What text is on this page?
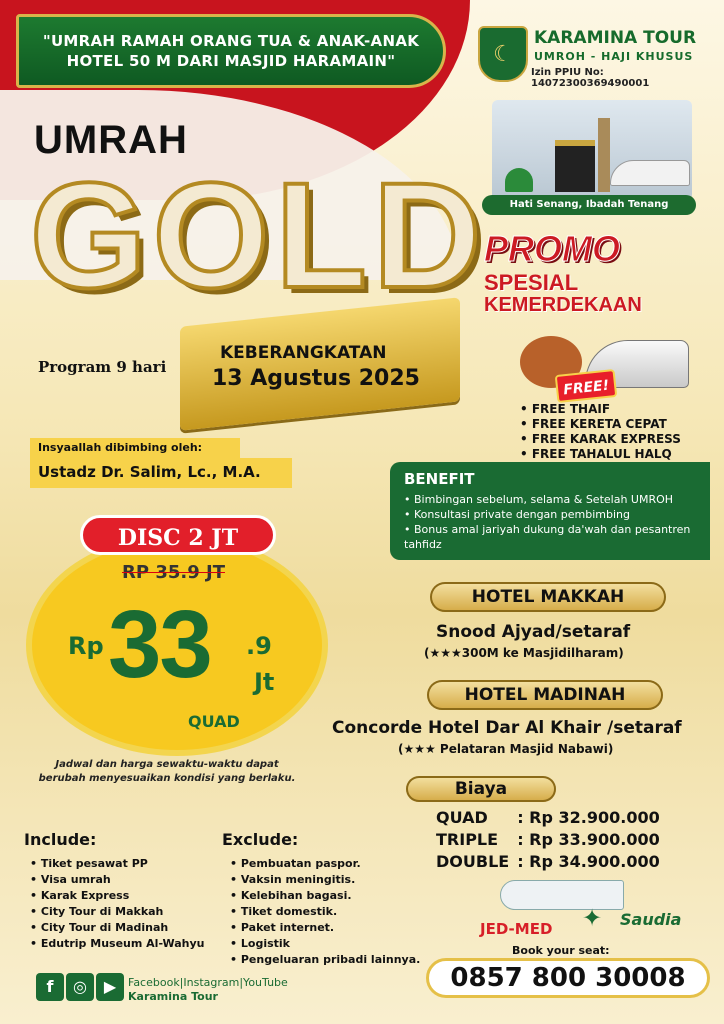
"UMRAH RAMAH ORANG TUA & ANAK-ANAK
HOTEL 50 M DARI MASJID HARAMAIN"	☾
KARAMINA TOUR
UMROH - HAJI KHUSUS
Izin PPIU No: 14072300369490001
Hati Senang, Ibadah Tenang
UMRAH
GOLD
KEBERANGKATAN
13 Agustus 2025
Program 9 hari
PROMO
SPESIAL
KEMERDEKAAN
FREE!
• FREE THAIF
• FREE KERETA CEPAT
• FREE KARAK EXPRESS
• FREE TAHALUL HALQ
Insyaallah dibimbing oleh:
Ustadz Dr. Salim, Lc., M.A.	BENEFIT
• Bimbingan sebelum, selama & Setelah UMROH
• Konsultasi private dengan pembimbing
• Bonus amal jariyah dukung da'wah dan pesantren tahfidz
DISC 2 JT
RP 35.9 JT
Rp 33 .9
Jt
QUAD
Jadwal dan harga sewaktu-waktu dapat berubah menyesuaikan kondisi yang berlaku.
HOTEL MAKKAH
Snood Ajyad/setaraf
(★★★300M ke Masjidilharam)
HOTEL MADINAH
Concorde Hotel Dar Al Khair /setaraf
(★★★ Pelataran Masjid Nabawi)
Biaya
QUAD	: Rp 32.900.000
TRIPLE	: Rp 33.900.000
DOUBLE	: Rp 34.900.000
Include:
• Tiket pesawat PP
• Visa umrah
• Karak Express
• City Tour di Makkah
• City Tour di Madinah
• Edutrip Museum Al-Wahyu
Exclude:
• Pembuatan paspor.
• Vaksin meningitis.
• Kelebihan bagasi.
• Tiket domestik.
• Paket internet.
• Logistik
• Pengeluaran pribadi lainnya.
JED-MED ✦ Saudia
Book your seat:
0857 800 30008
f	◎	▶	Facebook|Instagram|YouTube
Karamina Tour
